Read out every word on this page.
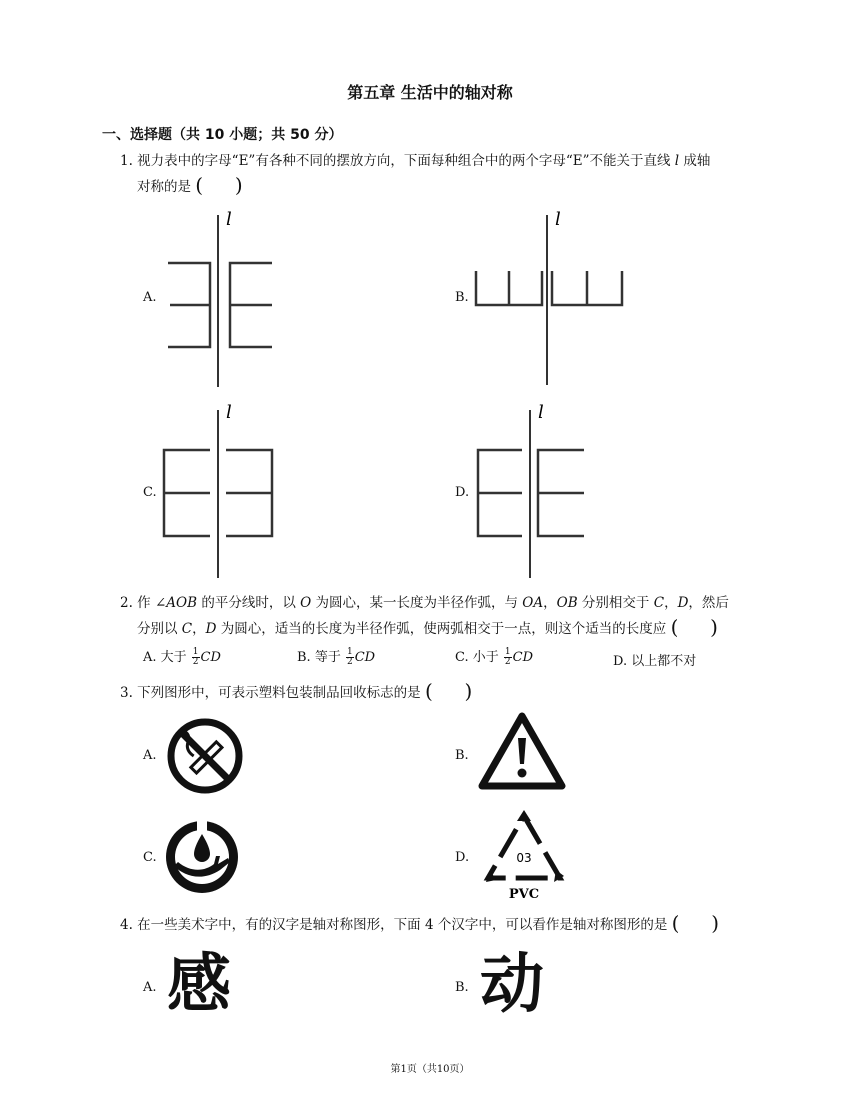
第五章 生活中的轴对称
一、选择题（共 10 小题；共 50 分）
1. 视力表中的字母“E”有各种不同的摆放方向，下面每种组合中的两个字母“E”不能关于直线 l 成轴
对称的是 (     )
A.
l
B.
l
C.
l
D.
l
2. 作 ∠AOB 的平分线时，以 O 为圆心，某一长度为半径作弧，与 OA，OB 分别相交于 C，D，然后
分别以 C，D 为圆心，适当的长度为半径作弧，使两弧相交于一点，则这个适当的长度应 (     )
A. 大于 $\frac{1}{2}$ CD	B. 等于 $\frac{1}{2}$ CD	C. 小于 $\frac{1}{2}$ CD	D. 以上都不对
3. 下列图形中，可表示塑料包装制品回收标志的是 (     )
A.	B.
C.	D.	03
PVC
4. 在一些美术字中，有的汉字是轴对称图形，下面 4 个汉字中，可以看作是轴对称图形的是 (     )
A. 感	B. 动
第1页（共10页）
